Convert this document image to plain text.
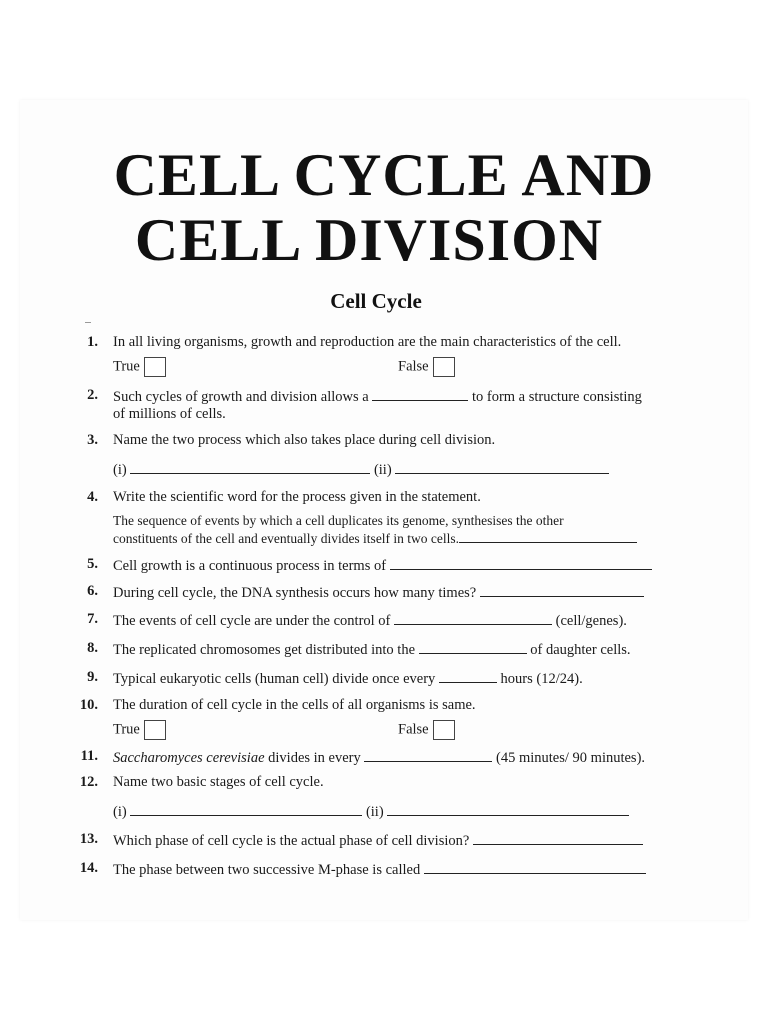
CELL CYCLE AND
CELL DIVISION
Cell Cycle
1. In all living organisms, growth and reproduction are the main characteristics of the cell.
True	False
2. Such cycles of growth and division allows a	to form a structure consisting
of millions of cells.
3. Name the two process which also takes place during cell division.
(i)	(ii)
4. Write the scientific word for the process given in the statement.
The sequence of events by which a cell duplicates its genome, synthesises the other
constituents of the cell and eventually divides itself in two cells.
5. Cell growth is a continuous process in terms of
6. During cell cycle, the DNA synthesis occurs how many times?
7. The events of cell cycle are under the control of	(cell/genes).
8. The replicated chromosomes get distributed into the	of daughter cells.
9. Typical eukaryotic cells (human cell) divide once every	hours (12/24).
10. The duration of cell cycle in the cells of all organisms is same.
True	False
11. Saccharomyces cerevisiae divides in every	(45 minutes/ 90 minutes).
12. Name two basic stages of cell cycle.
(i)	(ii)
13. Which phase of cell cycle is the actual phase of cell division?
14. The phase between two successive M-phase is called
